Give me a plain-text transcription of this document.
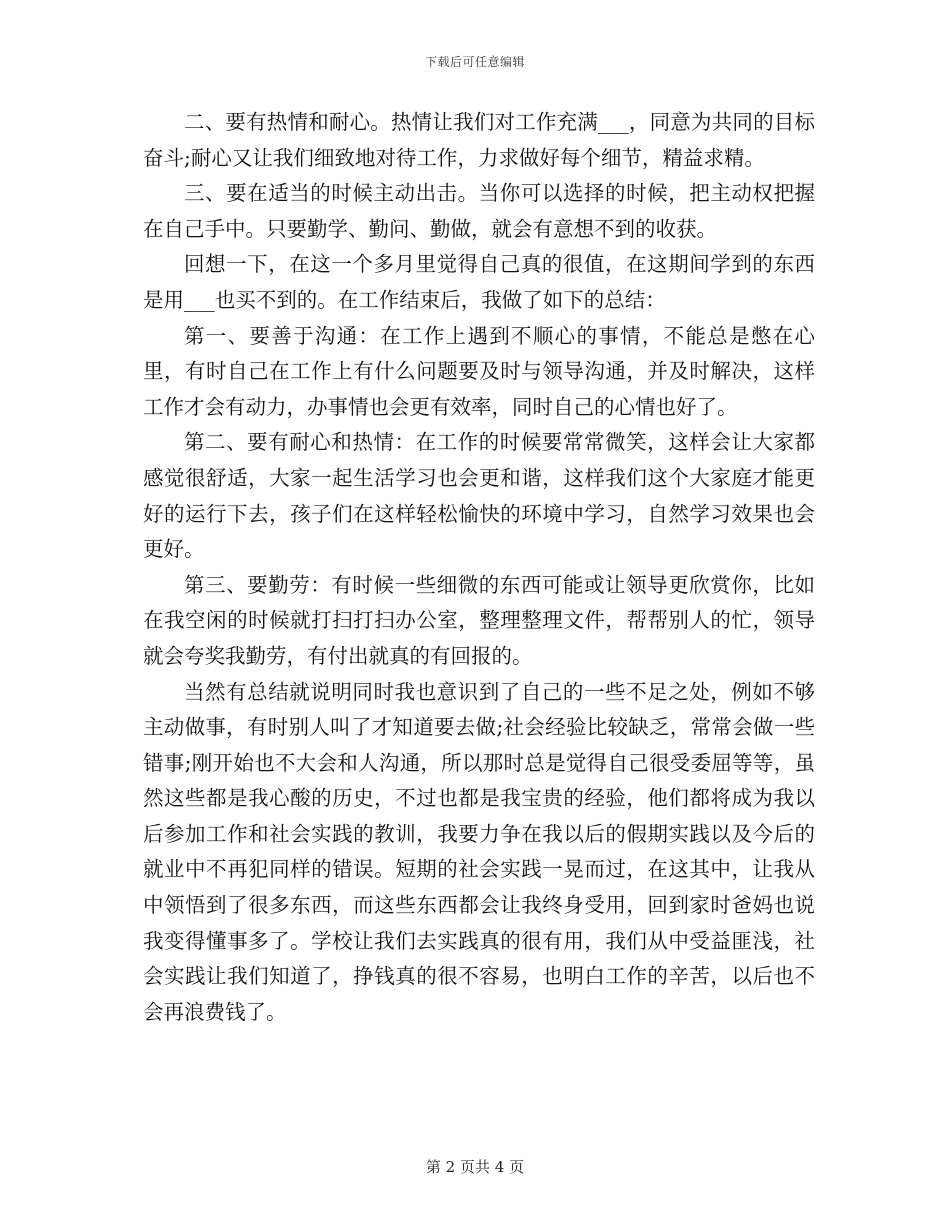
下载后可任意编辑

二、要有热情和耐心。热情让我们对工作充满___，同意为共同的目标奋斗;耐心又让我们细致地对待工作，力求做好每个细节，精益求精。

三、要在适当的时候主动出击。当你可以选择的时候，把主动权把握在自己手中。只要勤学、勤问、勤做，就会有意想不到的收获。

回想一下，在这一个多月里觉得自己真的很值，在这期间学到的东西是用___也买不到的。在工作结束后，我做了如下的总结：

第一、要善于沟通：在工作上遇到不顺心的事情，不能总是憋在心里，有时自己在工作上有什么问题要及时与领导沟通，并及时解决，这样工作才会有动力，办事情也会更有效率，同时自己的心情也好了。

第二、要有耐心和热情：在工作的时候要常常微笑，这样会让大家都感觉很舒适，大家一起生活学习也会更和谐，这样我们这个大家庭才能更好的运行下去，孩子们在这样轻松愉快的环境中学习，自然学习效果也会更好。

第三、要勤劳：有时候一些细微的东西可能或让领导更欣赏你，比如在我空闲的时候就打扫打扫办公室，整理整理文件，帮帮别人的忙，领导就会夸奖我勤劳，有付出就真的有回报的。

当然有总结就说明同时我也意识到了自己的一些不足之处，例如不够主动做事，有时别人叫了才知道要去做;社会经验比较缺乏，常常会做一些错事;刚开始也不大会和人沟通，所以那时总是觉得自己很受委屈等等，虽然这些都是我心酸的历史，不过也都是我宝贵的经验，他们都将成为我以后参加工作和社会实践的教训，我要力争在我以后的假期实践以及今后的就业中不再犯同样的错误。短期的社会实践一晃而过，在这其中，让我从中领悟到了很多东西，而这些东西都会让我终身受用，回到家时爸妈也说我变得懂事多了。学校让我们去实践真的很有用，我们从中受益匪浅，社会实践让我们知道了，挣钱真的很不容易，也明白工作的辛苦，以后也不会再浪费钱了。

第 2 页共 4 页
